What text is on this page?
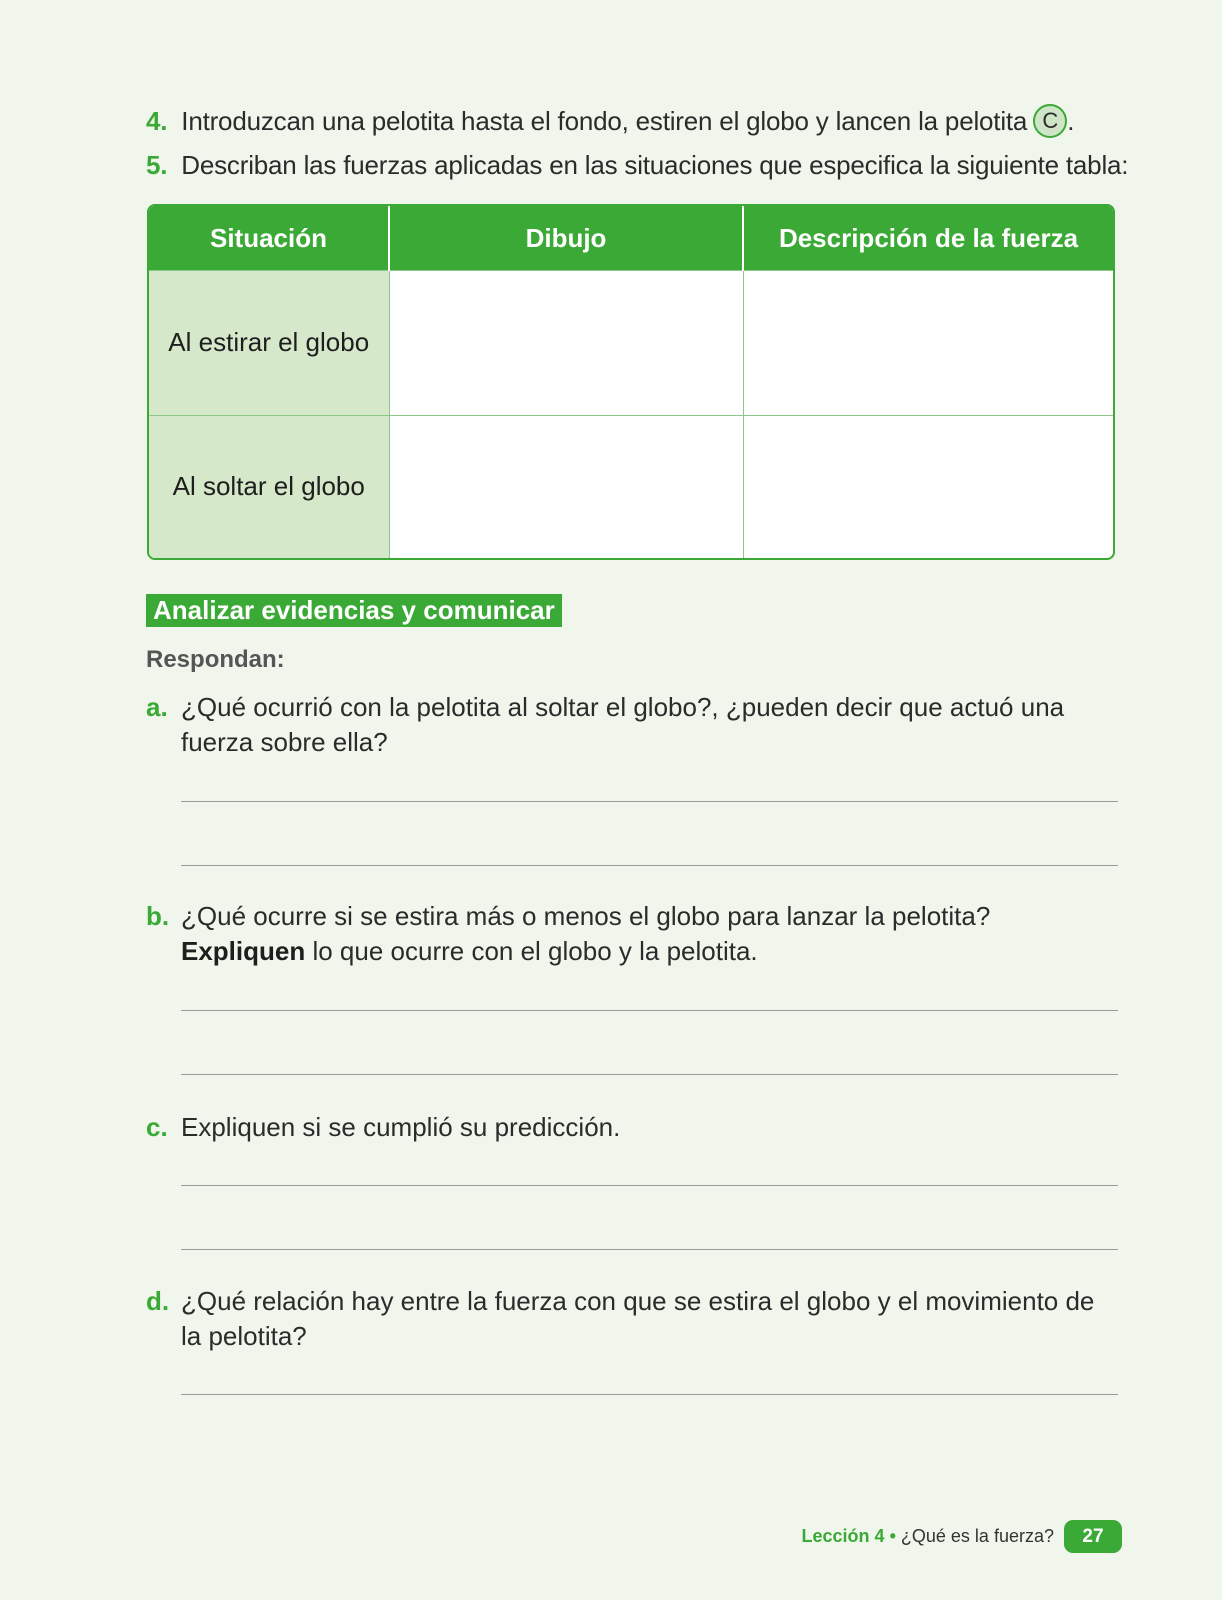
4. Introduzcan una pelotita hasta el fondo, estiren el globo y lancen la pelotita C .
5. Describan las fuerzas aplicadas en las situaciones que especifica la siguiente tabla:
Situación	Dibujo	Descripción de la fuerza
Al estirar el globo		
Al soltar el globo		
Analizar evidencias y comunicar
Respondan:
a. ¿Qué ocurrió con la pelotita al soltar el globo?, ¿pueden decir que actuó una fuerza sobre ella?
b. ¿Qué ocurre si se estira más o menos el globo para lanzar la pelotita?
Expliquen lo que ocurre con el globo y la pelotita.
c. Expliquen si se cumplió su predicción.
d. ¿Qué relación hay entre la fuerza con que se estira el globo y el movimiento de la pelotita?
Lección 4 • ¿Qué es la fuerza?	27
